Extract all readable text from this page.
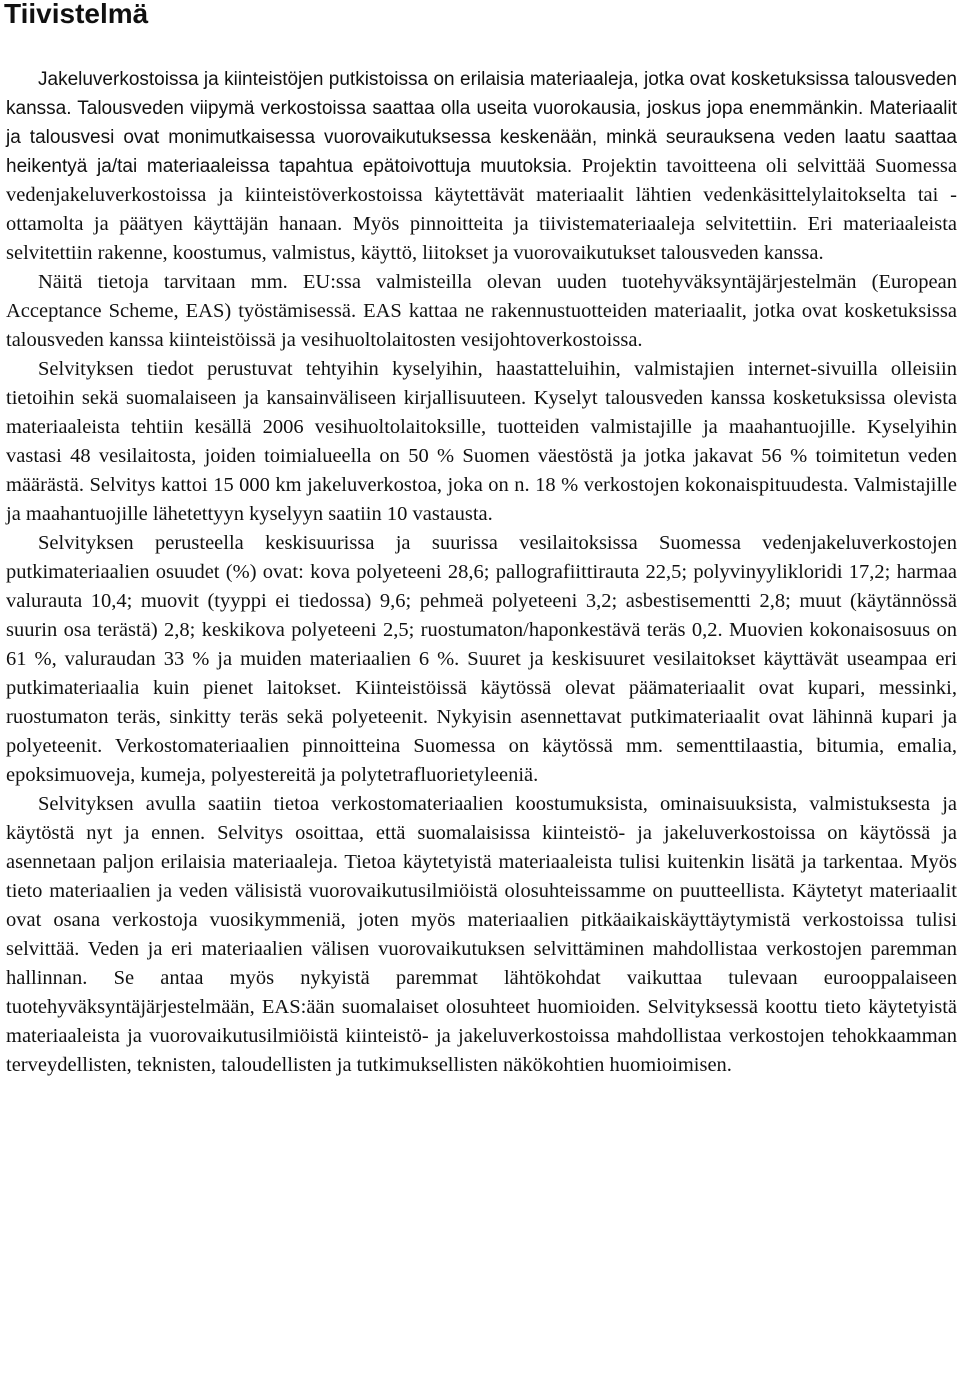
Tiivistelmä

Jakeluverkostoissa ja kiinteistöjen putkistoissa on erilaisia materiaaleja, jotka ovat kosketuksissa talousveden kanssa. Talousveden viipymä verkostoissa saattaa olla useita vuorokausia, joskus jopa enemmänkin. Materiaalit ja talousvesi ovat monimutkaisessa vuorovaikutuksessa keskenään, minkä seurauksena veden laatu saattaa heikentyä ja/tai materiaaleissa tapahtua epätoivottuja muutoksia. Projektin tavoitteena oli selvittää Suomessa vedenjakeluverkostoissa ja kiinteistöverkostoissa käytettävät materiaalit lähtien vedenkäsittelylaitokselta tai -ottamolta ja päätyen käyttäjän hanaan. Myös pinnoitteita ja tiivistemateriaaleja selvitettiin. Eri materiaaleista selvitettiin rakenne, koostumus, valmistus, käyttö, liitokset ja vuorovaikutukset talousveden kanssa.

Näitä tietoja tarvitaan mm. EU:ssa valmisteilla olevan uuden tuotehyväksyntäjärjestelmän (European Acceptance Scheme, EAS) työstämisessä. EAS kattaa ne rakennustuotteiden materiaalit, jotka ovat kosketuksissa talousveden kanssa kiinteistöissä ja vesihuoltolaitosten vesijohtoverkostoissa.

Selvityksen tiedot perustuvat tehtyihin kyselyihin, haastatteluihin, valmistajien internet-sivuilla olleisiin tietoihin sekä suomalaiseen ja kansainväliseen kirjallisuuteen. Kyselyt talousveden kanssa kosketuksissa olevista materiaaleista tehtiin kesällä 2006 vesihuoltolaitoksille, tuotteiden valmistajille ja maahantuojille. Kyselyihin vastasi 48 vesilaitosta, joiden toimialueella on 50 % Suomen väestöstä ja jotka jakavat 56 % toimitetun veden määrästä. Selvitys kattoi 15 000 km jakeluverkostoa, joka on n. 18 % verkostojen kokonaispituudesta. Valmistajille ja maahantuojille lähetettyyn kyselyyn saatiin 10 vastausta.

Selvityksen perusteella keskisuurissa ja suurissa vesilaitoksissa Suomessa vedenjakeluverkostojen putkimateriaalien osuudet (%) ovat: kova polyeteeni 28,6; pallografiittirauta 22,5; polyvinyylikloridi 17,2; harmaa valurauta 10,4; muovit (tyyppi ei tiedossa) 9,6; pehmeä polyeteeni 3,2; asbestisementti 2,8; muut (käytännössä suurin osa terästä) 2,8; keskikova polyeteeni 2,5; ruostumaton/haponkestävä teräs 0,2. Muovien kokonaisosuus on 61 %, valuraudan 33 % ja muiden materiaalien 6 %. Suuret ja keskisuuret vesilaitokset käyttävät useampaa eri putkimateriaalia kuin pienet laitokset. Kiinteistöissä käytössä olevat päämateriaalit ovat kupari, messinki, ruostumaton teräs, sinkitty teräs sekä polyeteenit. Nykyisin asennettavat putkimateriaalit ovat lähinnä kupari ja polyeteenit. Verkostomateriaalien pinnoitteina Suomessa on käytössä mm. sementtilaastia, bitumia, emalia, epoksimuoveja, kumeja, polyestereitä ja polytetrafluorietyleeniä.

Selvityksen avulla saatiin tietoa verkostomateriaalien koostumuksista, ominaisuuksista, valmistuksesta ja käytöstä nyt ja ennen. Selvitys osoittaa, että suomalaisissa kiinteistö- ja jakeluverkostoissa on käytössä ja asennetaan paljon erilaisia materiaaleja. Tietoa käytetyistä materiaaleista tulisi kuitenkin lisätä ja tarkentaa. Myös tieto materiaalien ja veden välisistä vuorovaikutusilmiöistä olosuhteissamme on puutteellista. Käytetyt materiaalit ovat osana verkostoja vuosikymmeniä, joten myös materiaalien pitkäaikaiskäyttäytymistä verkostoissa tulisi selvittää. Veden ja eri materiaalien välisen vuorovaikutuksen selvittäminen mahdollistaa verkostojen paremman hallinnan. Se antaa myös nykyistä paremmat lähtökohdat vaikuttaa tulevaan eurooppalaiseen tuotehyväksyntäjärjestelmään, EAS:ään suomalaiset olosuhteet huomioiden. Selvityksessä koottu tieto käytetyistä materiaaleista ja vuorovaikutusilmiöistä kiinteistö- ja jakeluverkostoissa mahdollistaa verkostojen tehokkaamman terveydellisten, teknisten, taloudellisten ja tutkimuksellisten näkökohtien huomioimisen.
